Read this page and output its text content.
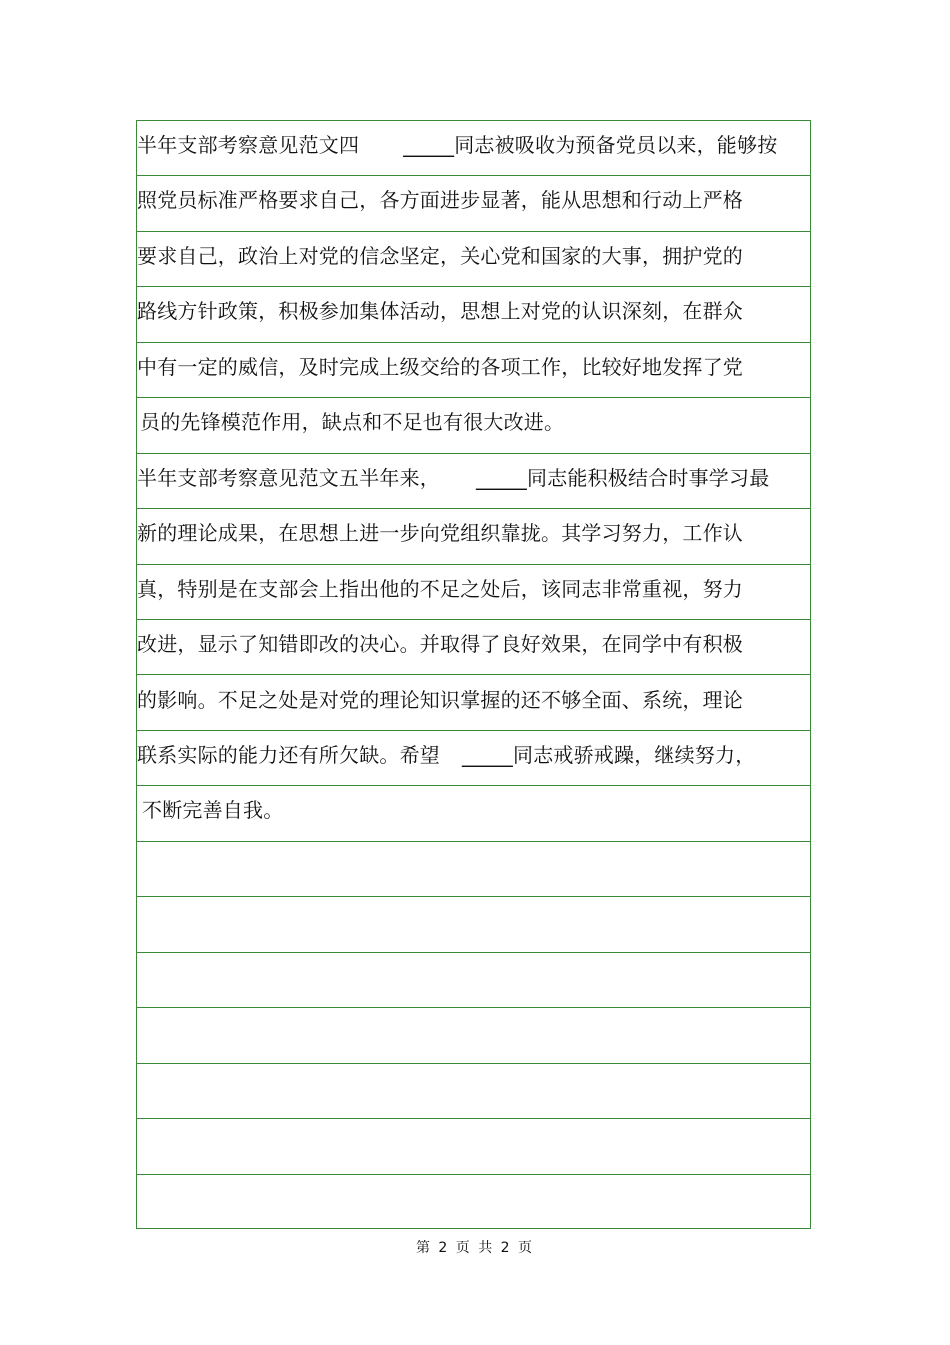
半年支部考察意见范文四 _____同志被吸收为预备党员以来，能够按
照党员标准严格要求自己，各方面进步显著，能从思想和行动上严格
要求自己，政治上对党的信念坚定，关心党和国家的大事，拥护党的
路线方针政策，积极参加集体活动，思想上对党的认识深刻，在群众
中有一定的威信，及时完成上级交给的各项工作，比较好地发挥了党
员的先锋模范作用，缺点和不足也有很大改进。
半年支部考察意见范文五半年来， _____同志能积极结合时事学习最
新的理论成果，在思想上进一步向党组织靠拢。其学习努力，工作认
真，特别是在支部会上指出他的不足之处后，该同志非常重视，努力
改进，显示了知错即改的决心。并取得了良好效果，在同学中有积极
的影响。不足之处是对党的理论知识掌握的还不够全面、系统，理论
联系实际的能力还有所欠缺。希望 _____同志戒骄戒躁，继续努力，
不断完善自我。
第 2 页 共 2 页
